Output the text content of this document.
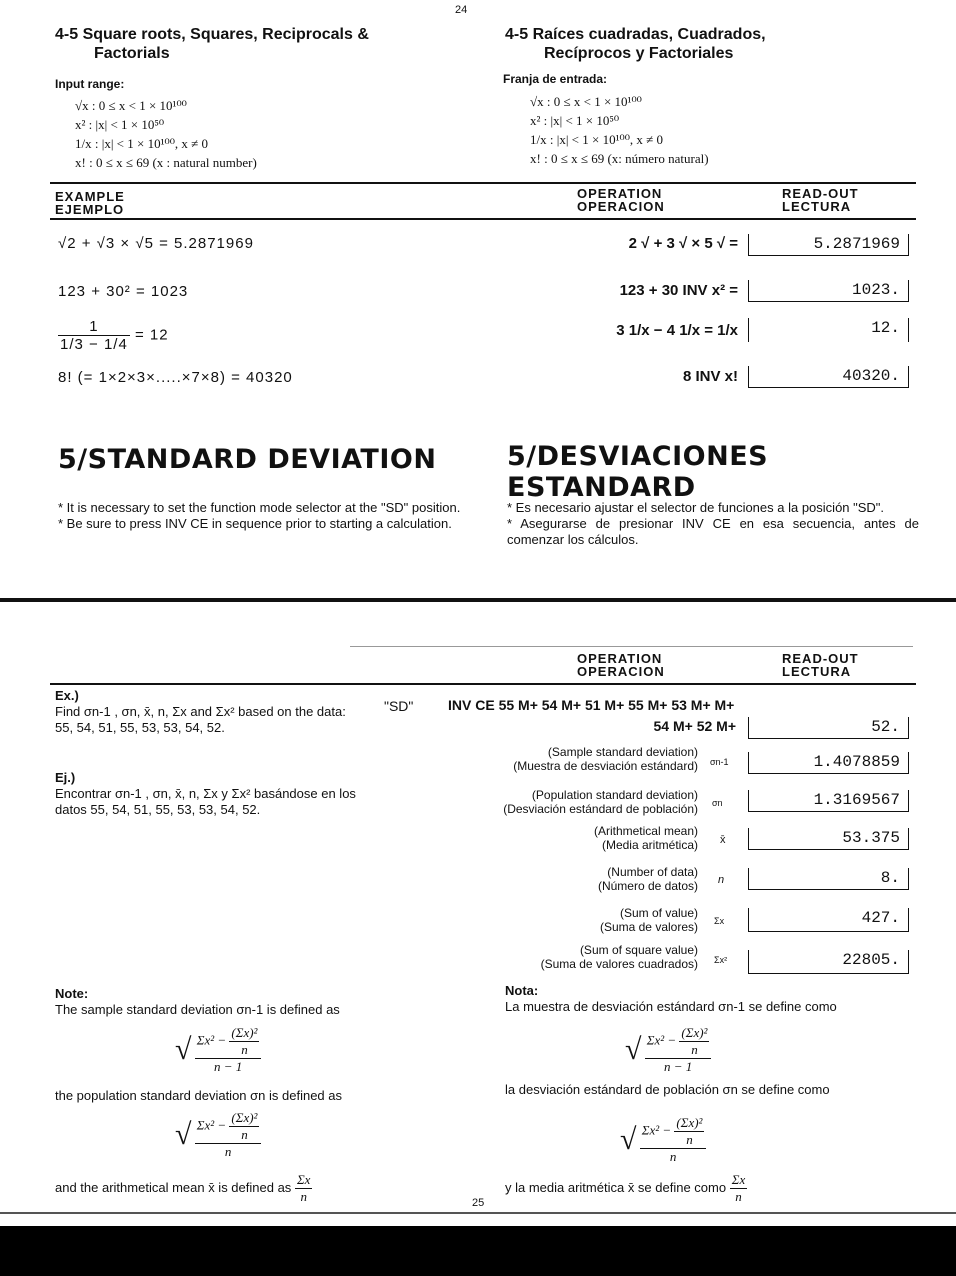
24
4-5 Square roots, Squares, Reciprocals &
Factorials
4-5 Raíces cuadradas, Cuadrados,
Recíprocos y Factoriales
Input range:	Franja de entrada:
√x : 0 ≤ x < 1 × 10¹⁰⁰
x² : |x| < 1 × 10⁵⁰
1/x : |x| < 1 × 10¹⁰⁰, x ≠ 0
x! : 0 ≤ x ≤ 69 (x : natural number)
√x : 0 ≤ x < 1 × 10¹⁰⁰
x² : |x| < 1 × 10⁵⁰
1/x : |x| < 1 × 10¹⁰⁰, x ≠ 0
x! : 0 ≤ x ≤ 69 (x: número natural)
EXAMPLE
EJEMPLO
OPERATION
OPERACION
READ-OUT
LECTURA
√2 + √3 × √5 = 5.2871969	2 √ + 3 √ × 5 √ =	5.2871969
123 + 30² = 1023	123 + 30 INV x² =	1023.
$\frac{1}{1/3 - 1/4} = 12$	3 1/x − 4 1/x = 1/x	12.
8! (= 1×2×3×.....×7×8) = 40320	8 INV x!	40320.
5/STANDARD DEVIATION	5/DESVIACIONES ESTANDARD
* It is necessary to set the function mode selector at the "SD" position.
* Be sure to press INV CE in sequence prior to starting a calculation.
* Es necesario ajustar el selector de funciones a la posición "SD".
* Asegurarse de presionar INV CE en esa secuencia, antes de comenzar los cálculos.
OPERATION
OPERACION
READ-OUT
LECTURA
Ex.)
Find σn-1 , σn, x̄, n, Σx and Σx² based on the data: 55, 54, 51, 55, 53, 53, 54, 52.
Ej.)
Encontrar σn-1 , σn, x̄, n, Σx y Σx² basándose en los datos 55, 54, 51, 55, 53, 53, 54, 52.
"SD" INV CE 55 M+ 54 M+ 51 M+ 55 M+ 53 M+ M+
54 M+ 52 M+	52.
(Sample standard deviation)
(Muestra de desviación estándard) σn-1	1.4078859
(Population standard deviation)
(Desviación estándard de población) σn	1.3169567
(Arithmetical mean)
(Media aritmética) x̄	53.375
(Number of data)
(Número de datos) n	8.
(Sum of value)
(Suma de valores) Σx	427.
(Sum of square value)
(Suma de valores cuadrados) Σx²	22805.
Note:
The sample standard deviation σn-1 is defined as
√ $\frac{\Sigma x^2 - \frac{\text{(Σx)²}}{n}}{n - 1}$
the population standard deviation σn is defined as
√ $\frac{\Sigma x^2 - \frac{\text{(Σx)²}}{n}}{n}$
and the arithmetical mean x̄ is defined as $\frac{\Sigma x}{n}$
Nota:
La muestra de desviación estándard σn-1 se define como
√ $\frac{\Sigma x^2 - \frac{\text{(Σx)²}}{n}}{n - 1}$
la desviación estándard de población σn se define como
√ $\frac{\Sigma x^2 - \frac{\text{(Σx)²}}{n}}{n}$
y la media aritmética x̄ se define como $\frac{\Sigma x}{n}$
25
